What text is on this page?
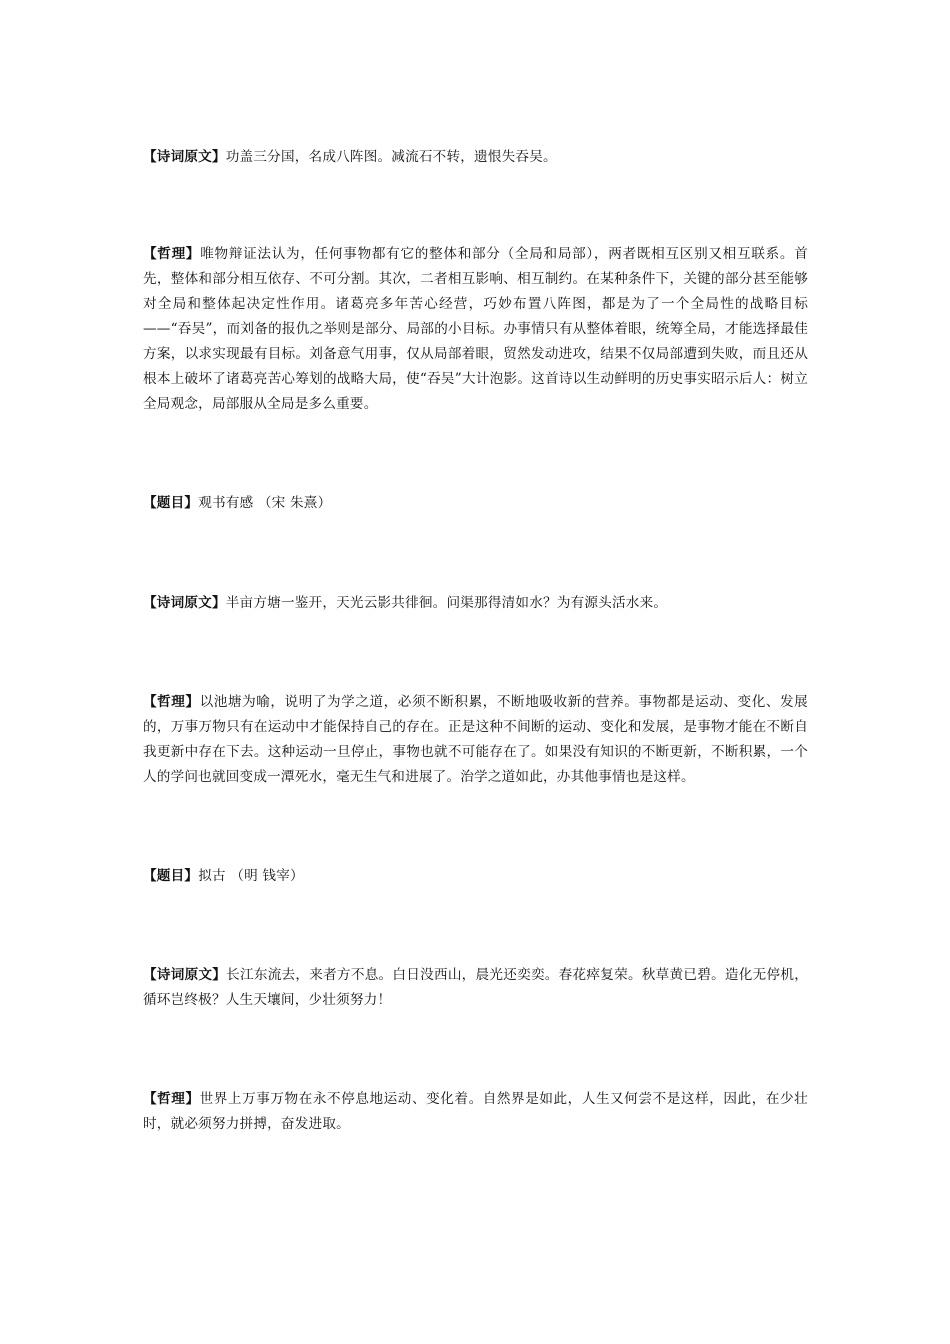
【诗词原文】功盖三分国，名成八阵图。减流石不转，遗恨失吞吴。

【哲理】唯物辩证法认为，任何事物都有它的整体和部分（全局和局部），两者既相互区别又相互联系。首先，整体和部分相互依存、不可分割。其次，二者相互影响、相互制约。在某种条件下，关键的部分甚至能够对全局和整体起决定性作用。诸葛亮多年苦心经营，巧妙布置八阵图，都是为了一个全局性的战略目标——“吞吴”，而刘备的报仇之举则是部分、局部的小目标。办事情只有从整体着眼，统筹全局，才能选择最佳方案，以求实现最有目标。刘备意气用事，仅从局部着眼，贸然发动进攻，结果不仅局部遭到失败，而且还从根本上破坏了诸葛亮苦心筹划的战略大局，使“吞吴”大计泡影。这首诗以生动鲜明的历史事实昭示后人：树立全局观念，局部服从全局是多么重要。

【题目】观书有感 （宋 朱熹）

【诗词原文】半亩方塘一鉴开，天光云影共徘徊。问渠那得清如水？为有源头活水来。

【哲理】以池塘为喻，说明了为学之道，必须不断积累，不断地吸收新的营养。事物都是运动、变化、发展的，万事万物只有在运动中才能保持自己的存在。正是这种不间断的运动、变化和发展，是事物才能在不断自我更新中存在下去。这种运动一旦停止，事物也就不可能存在了。如果没有知识的不断更新，不断积累，一个人的学问也就回变成一潭死水，毫无生气和进展了。治学之道如此，办其他事情也是这样。

【题目】拟古 （明 钱宰）

【诗词原文】长江东流去，来者方不息。白日没西山，晨光还奕奕。春花瘁复荣。秋草黄已碧。造化无停机，循环岂终极？人生天壤间，少壮须努力！

【哲理】世界上万事万物在永不停息地运动、变化着。自然界是如此，人生又何尝不是这样，因此，在少壮时，就必须努力拼搏，奋发进取。
